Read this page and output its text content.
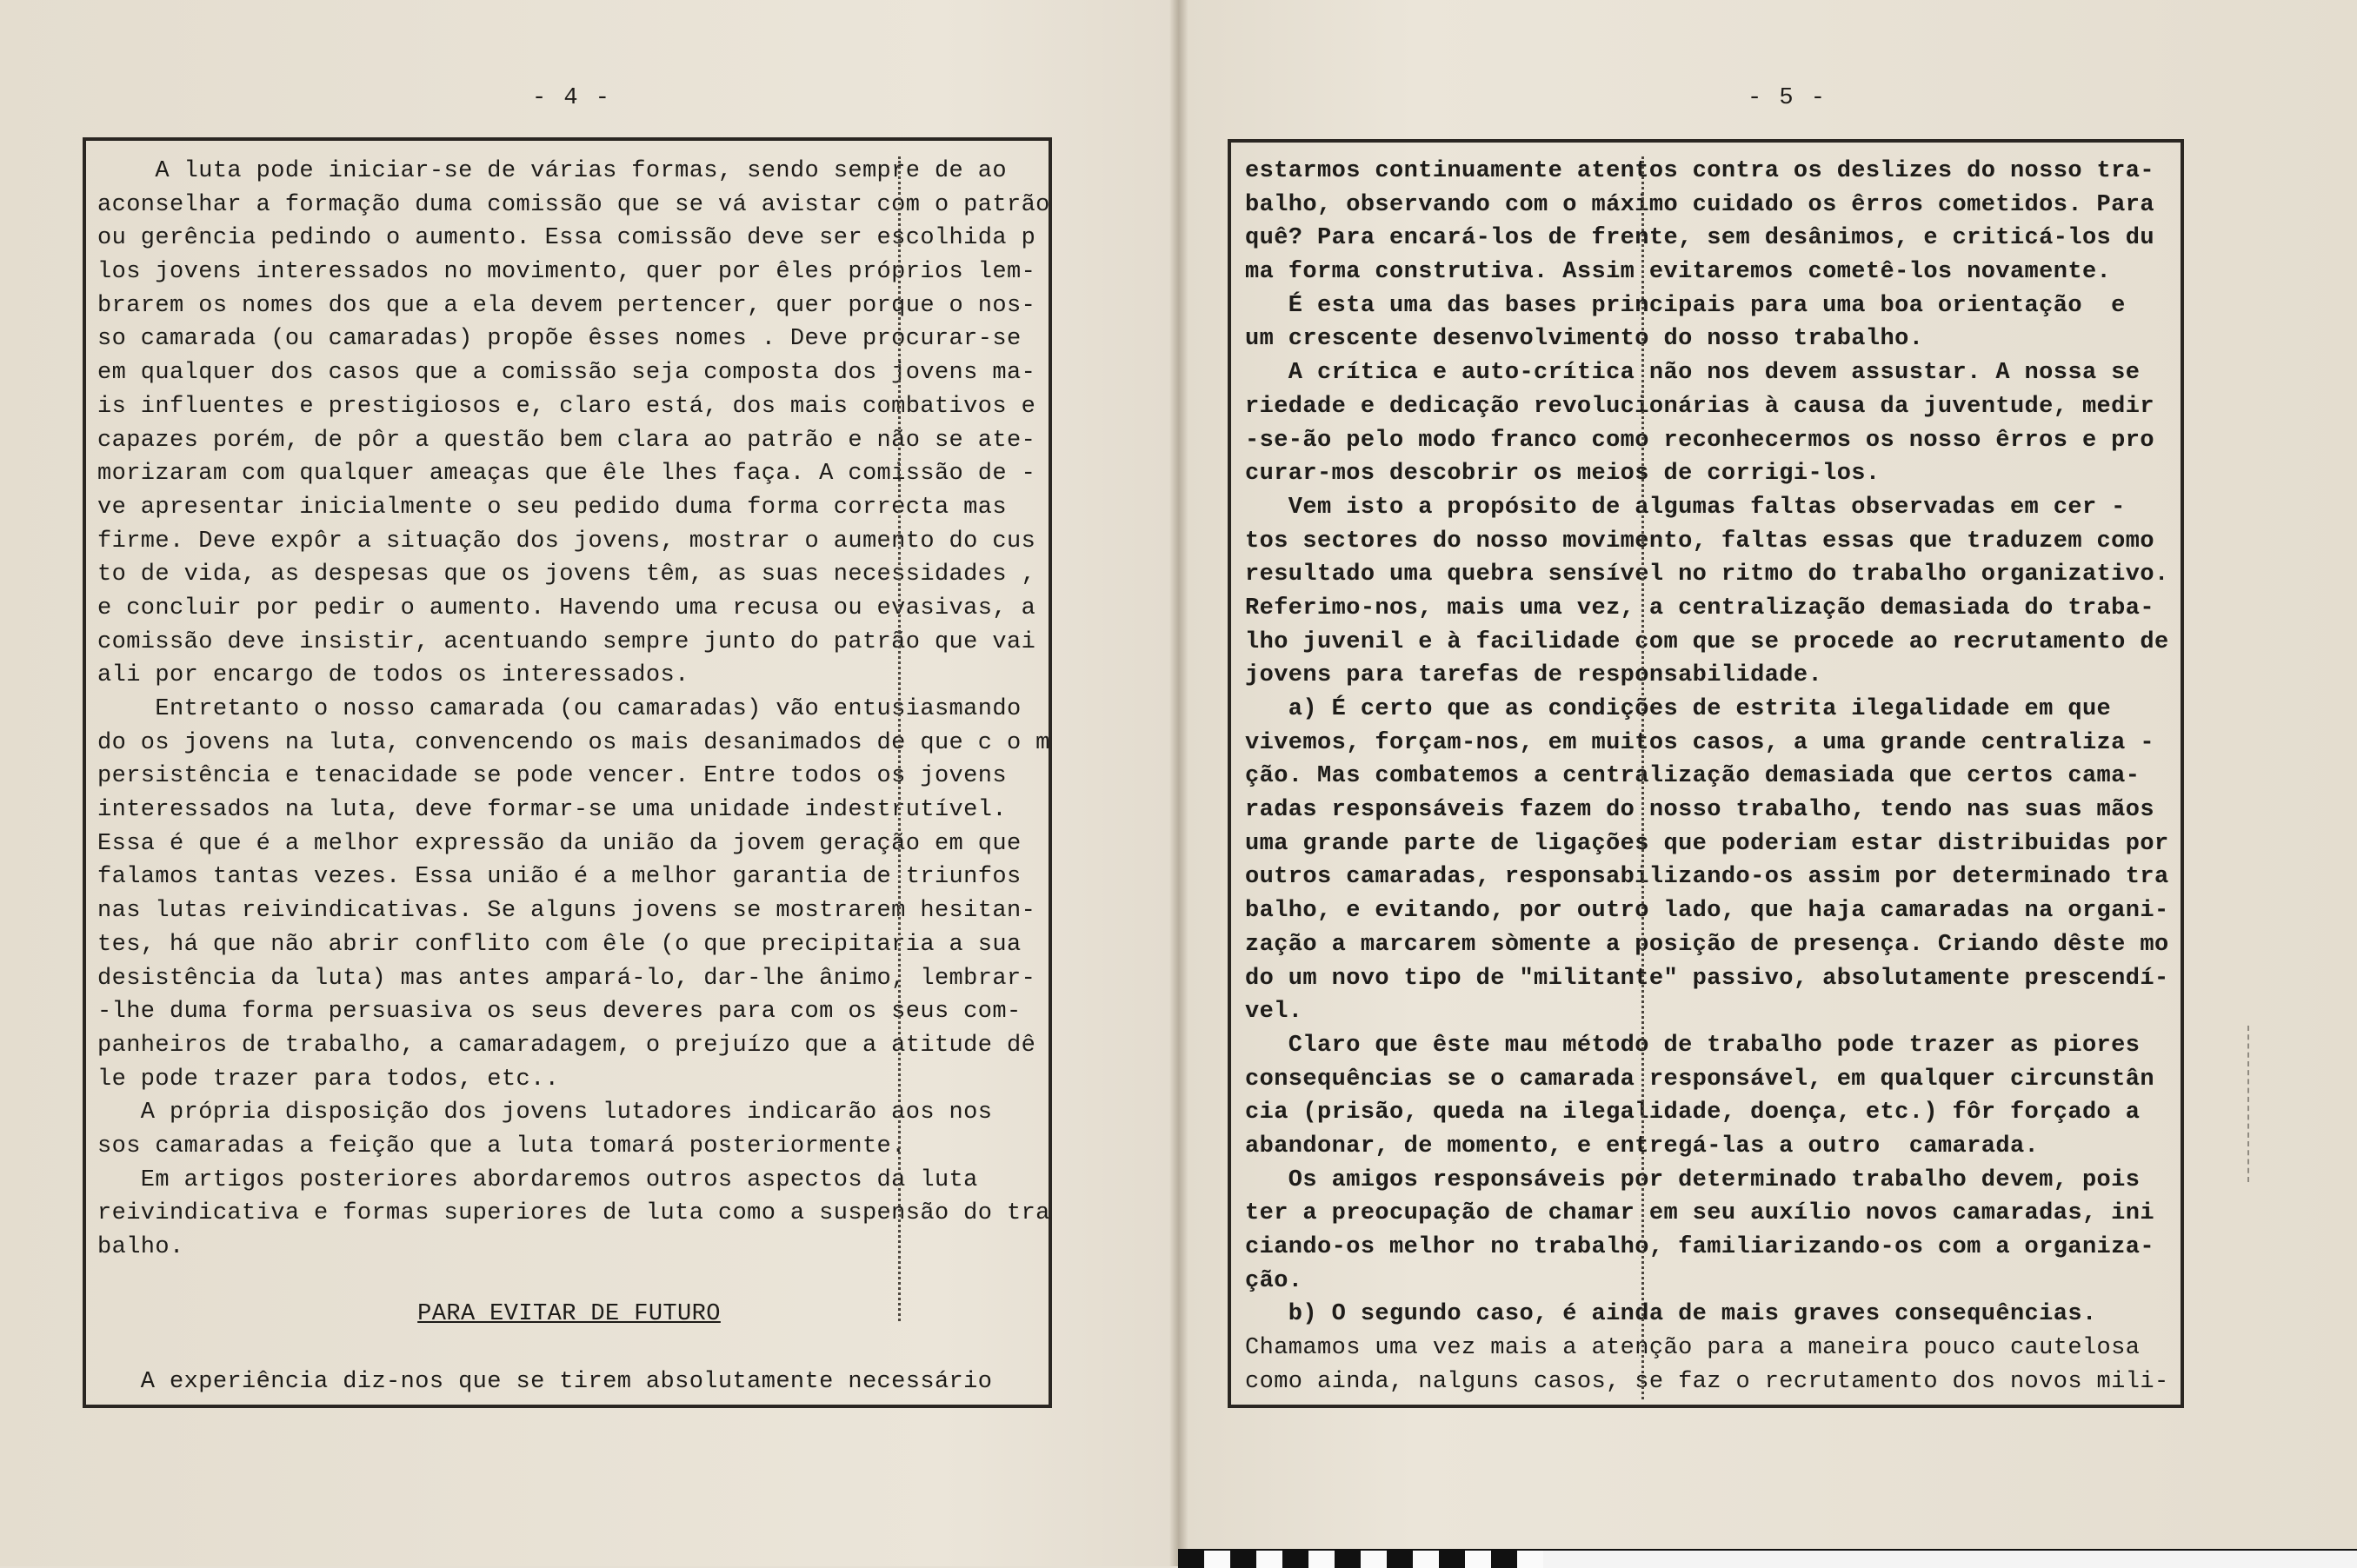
- 4 -
A luta pode iniciar-se de várias formas, sendo sempre de ao
aconselhar a formação duma comissão que se vá avistar com o patrão
ou gerência pedindo o aumento. Essa comissão deve ser escolhida p
los jovens interessados no movimento, quer por êles próprios lem-
brarem os nomes dos que a ela devem pertencer, quer porque o nos-
so camarada (ou camaradas) propõe êsses nomes . Deve procurar-se
em qualquer dos casos que a comissão seja composta dos jovens ma-
is influentes e prestigiosos e, claro está, dos mais combativos e
capazes porém, de pôr a questão bem clara ao patrão e não se ate-
morizaram com qualquer ameaças que êle lhes faça. A comissão de -
ve apresentar inicialmente o seu pedido duma forma correcta mas
firme. Deve expôr a situação dos jovens, mostrar o aumento do cus
to de vida, as despesas que os jovens têm, as suas necessidades ,
e concluir por pedir o aumento. Havendo uma recusa ou evasivas, a
comissão deve insistir, acentuando sempre junto do patrão que vai
ali por encargo de todos os interessados.
Entretanto o nosso camarada (ou camaradas) vão entusiasmando
do os jovens na luta, convencendo os mais desanimados de que c o m
persistência e tenacidade se pode vencer. Entre todos os jovens
interessados na luta, deve formar-se uma unidade indestrutível.
Essa é que é a melhor expressão da união da jovem geração em que
falamos tantas vezes. Essa união é a melhor garantia de triunfos
nas lutas reivindicativas. Se alguns jovens se mostrarem hesitan-
tes, há que não abrir conflito com êle (o que precipitaria a sua
desistência da luta) mas antes ampará-lo, dar-lhe ânimo, lembrar-
-lhe duma forma persuasiva os seus deveres para com os seus com-
panheiros de trabalho, a camaradagem, o prejuízo que a atitude dê
le pode trazer para todos, etc..
A própria disposição dos jovens lutadores indicarão aos nos
sos camaradas a feição que a luta tomará posteriormente.
Em artigos posteriores abordaremos outros aspectos da luta
reivindicativa e formas superiores de luta como a suspensão do tra
balho.
PARA EVITAR DE FUTURO
A experiência diz-nos que se tirem absolutamente necessário
- 5 -
estarmos continuamente atentos contra os deslizes do nosso tra-
balho, observando com o máximo cuidado os êrros cometidos. Para
quê? Para encará-los de frente, sem desânimos, e criticá-los du
ma forma construtiva. Assim evitaremos cometê-los novamente.
É esta uma das bases principais para uma boa orientação  e
um crescente desenvolvimento do nosso trabalho.
A crítica e auto-crítica não nos devem assustar. A nossa se
riedade e dedicação revolucionárias à causa da juventude, medir
-se-ão pelo modo franco como reconhecermos os nosso êrros e pro
curar-mos descobrir os meios de corrigi-los.
Vem isto a propósito de algumas faltas observadas em cer -
tos sectores do nosso movimento, faltas essas que traduzem como
resultado uma quebra sensível no ritmo do trabalho organizativo.
Referimo-nos, mais uma vez, a centralização demasiada do traba-
lho juvenil e à facilidade com que se procede ao recrutamento de
jovens para tarefas de responsabilidade.
a) É certo que as condições de estrita ilegalidade em que
vivemos, forçam-nos, em muitos casos, a uma grande centraliza -
ção. Mas combatemos a centralização demasiada que certos cama-
radas responsáveis fazem do nosso trabalho, tendo nas suas mãos
uma grande parte de ligações que poderiam estar distribuidas por
outros camaradas, responsabilizando-os assim por determinado tra
balho, e evitando, por outro lado, que haja camaradas na organi-
zação a marcarem sòmente a posição de presença. Criando dêste mo
do um novo tipo de "militante" passivo, absolutamente prescendí-
vel.
Claro que êste mau método de trabalho pode trazer as piores
consequências se o camarada responsável, em qualquer circunstân
cia (prisão, queda na ilegalidade, doença, etc.) fôr forçado a
abandonar, de momento, e entregá-las a outro  camarada.
Os amigos responsáveis por determinado trabalho devem, pois
ter a preocupação de chamar em seu auxílio novos camaradas, ini
ciando-os melhor no trabalho, familiarizando-os com a organiza-
ção.
b) O segundo caso, é ainda de mais graves consequências.
Chamamos uma vez mais a atenção para a maneira pouco cautelosa
como ainda, nalguns casos, se faz o recrutamento dos novos mili-
